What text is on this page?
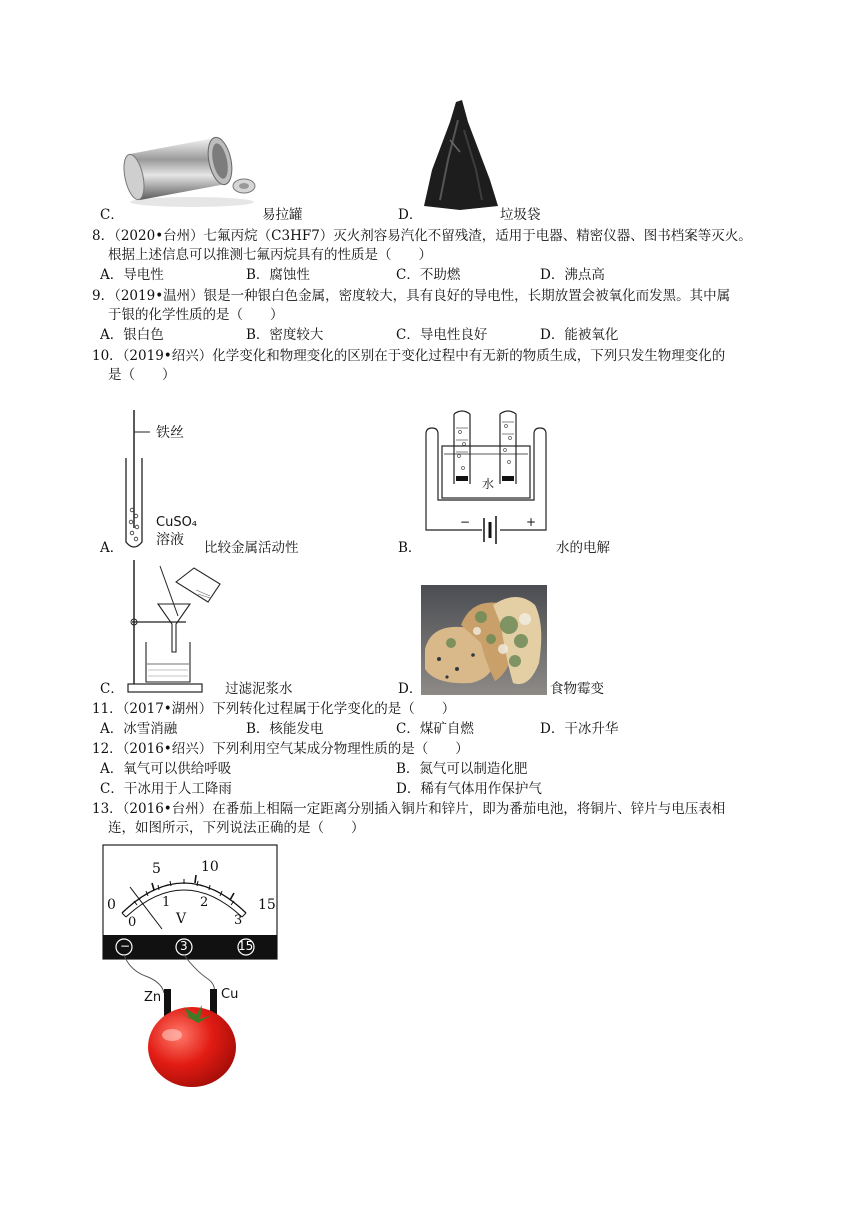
C．	易拉罐	D．	垃圾袋
8．（2020•台州）七氟丙烷（C3HF7）灭火剂容易汽化不留残渣，适用于电器、精密仪器、图书档案等灭火。
根据上述信息可以推测七氟丙烷具有的性质是（　　）
A．导电性	B．腐蚀性	C．不助燃	D．沸点高
9．（2019•温州）银是一种银白色金属，密度较大，具有良好的导电性，长期放置会被氧化而发黑。其中属
于银的化学性质的是（　　）
A．银白色	B．密度较大	C．导电性良好	D．能被氧化
10．（2019•绍兴）化学变化和物理变化的区别在于变化过程中有无新的物质生成，下列只发生物理变化的
是（　　）
铁丝
CuSO₄
溶液
A．	比较金属活动性
水
−	+
B．	水的电解
C．	过滤泥浆水	D．	食物霉变
11．（2017•湖州）下列转化过程属于化学变化的是（　　）
A．冰雪消融	B．核能发电	C．煤矿自燃	D．干冰升华
12．（2016•绍兴）下列利用空气某成分物理性质的是（　　）
A．氧气可以供给呼吸	B．氮气可以制造化肥
C．干冰用于人工降雨	D．稀有气体用作保护气
13．（2016•台州）在番茄上相隔一定距离分别插入铜片和锌片，即为番茄电池，将铜片、锌片与电压表相
连，如图所示，下列说法正确的是（　　）
5	10
0	15
1 2
0	3
V
−	3	15
Zn	Cu
